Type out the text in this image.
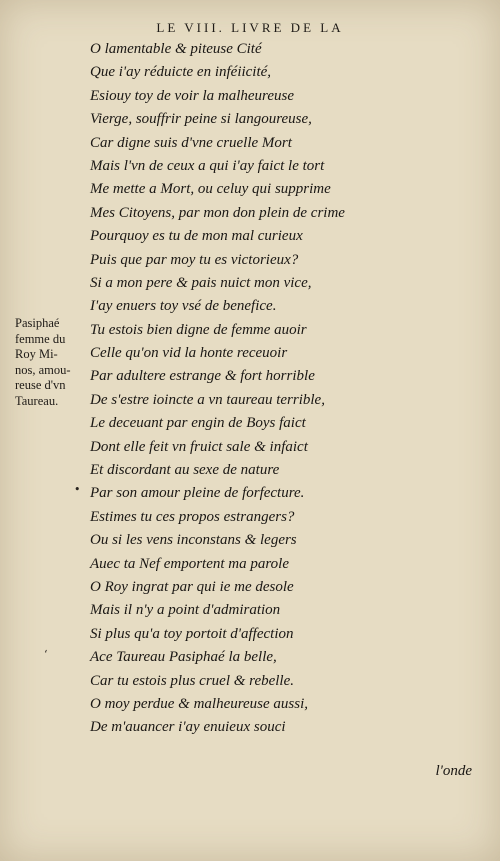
LE VIII. LIVRE DE LA
O lamentable & piteuse Cité
Que i'ay réduicte en inféiicité,
Esiouy toy de voir la malheureuse
Vierge, souffrir peine si langoureuse,
Car digne suis d'vne cruelle Mort
Mais l'vn de ceux a qui i'ay faict le tort
Me mette a Mort, ou celuy qui supprime
Mes Citoyens, par mon don plein de crime
Pourquoy es tu de mon mal curieux
Puis que par moy tu es victorieux?
Si a mon pere & pais nuict mon vice,
I'ay enuers toy vsé de benefice.
Tu estois bien digne de femme auoir
Celle qu'on vid la honte receuoir
Par adultere estrange & fort horrible
De s'estre ioincte a vn taureau terrible,
Le deceuant par engin de Boys faict
Dont elle feit vn fruict sale & infaict
Et discordant au sexe de nature
Par son amour pleine de forfecture.
Estimes tu ces propos estrangers?
Ou si les vens inconstans & legers
Auec ta Nef emportent ma parole
O Roy ingrat par qui ie me desole
Mais il n'y a point d'admiration
Si plus qu'a toy portoit d'affection
Ace Taureau Pasiphaé la belle,
Car tu estois plus cruel & rebelle.
O moy perdue & malheureuse aussi,
De m'auancer i'ay enuieux souci
Pasiphaé
femme du
Roy Mi-
nos, amou-
reuse d'vn
Taureau.
•
ʻ
l'onde
